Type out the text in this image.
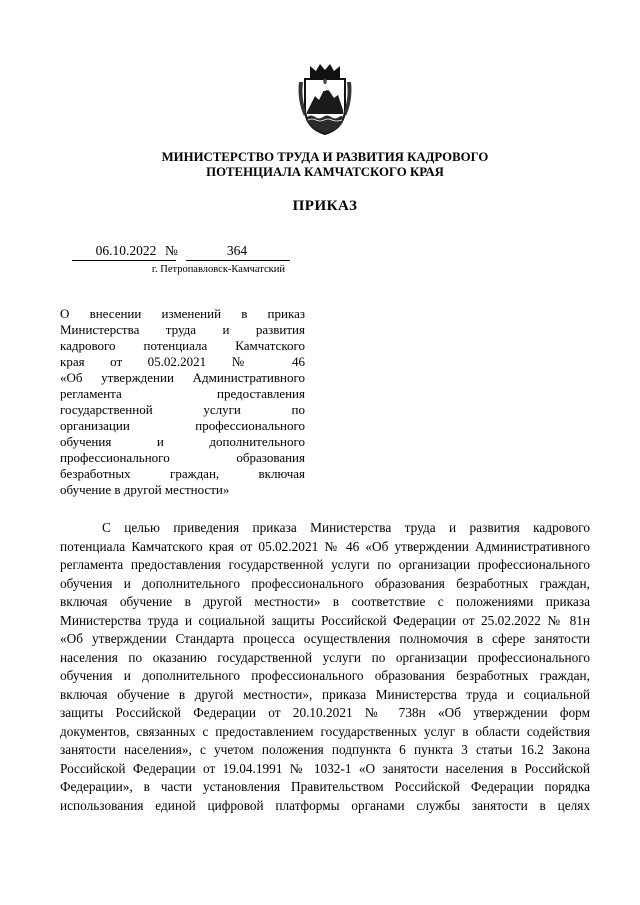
МИНИСТЕРСТВО ТРУДА И РАЗВИТИЯ КАДРОВОГО
ПОТЕНЦИАЛА КАМЧАТСКОГО КРАЯ
ПРИКАЗ
06.10.2022 №	364
г. Петропавловск-Камчатский
О внесении изменений в приказ
Министерства труда и развития
кадрового потенциала Камчатского
края от 05.02.2021 № 46
«Об утверждении Административного
регламента предоставления
государственной услуги по
организации профессионального
обучения и дополнительного
профессионального образования
безработных граждан, включая
обучение в другой местности»
С целью приведения приказа Министерства труда и развития кадрового
потенциала Камчатского края от 05.02.2021 № 46 «Об утверждении Административного
регламента предоставления государственной услуги по организации профессионального
обучения и дополнительного профессионального образования безработных граждан,
включая обучение в другой местности» в соответствие с положениями приказа
Министерства труда и социальной защиты Российской Федерации от 25.02.2022 № 81н
«Об утверждении Стандарта процесса осуществления полномочия в сфере занятости
населения по оказанию государственной услуги по организации профессионального
обучения и дополнительного профессионального образования безработных граждан,
включая обучение в другой местности», приказа Министерства труда и социальной
защиты Российской Федерации от 20.10.2021 № 738н «Об утверждении форм
документов, связанных с предоставлением государственных услуг в области содействия
занятости населения», с учетом положения подпункта 6 пункта 3 статьи 16.2 Закона
Российской Федерации от 19.04.1991 № 1032-1 «О занятости населения в Российской
Федерации», в части установления Правительством Российской Федерации порядка
использования единой цифровой платформы органами службы занятости в целях
